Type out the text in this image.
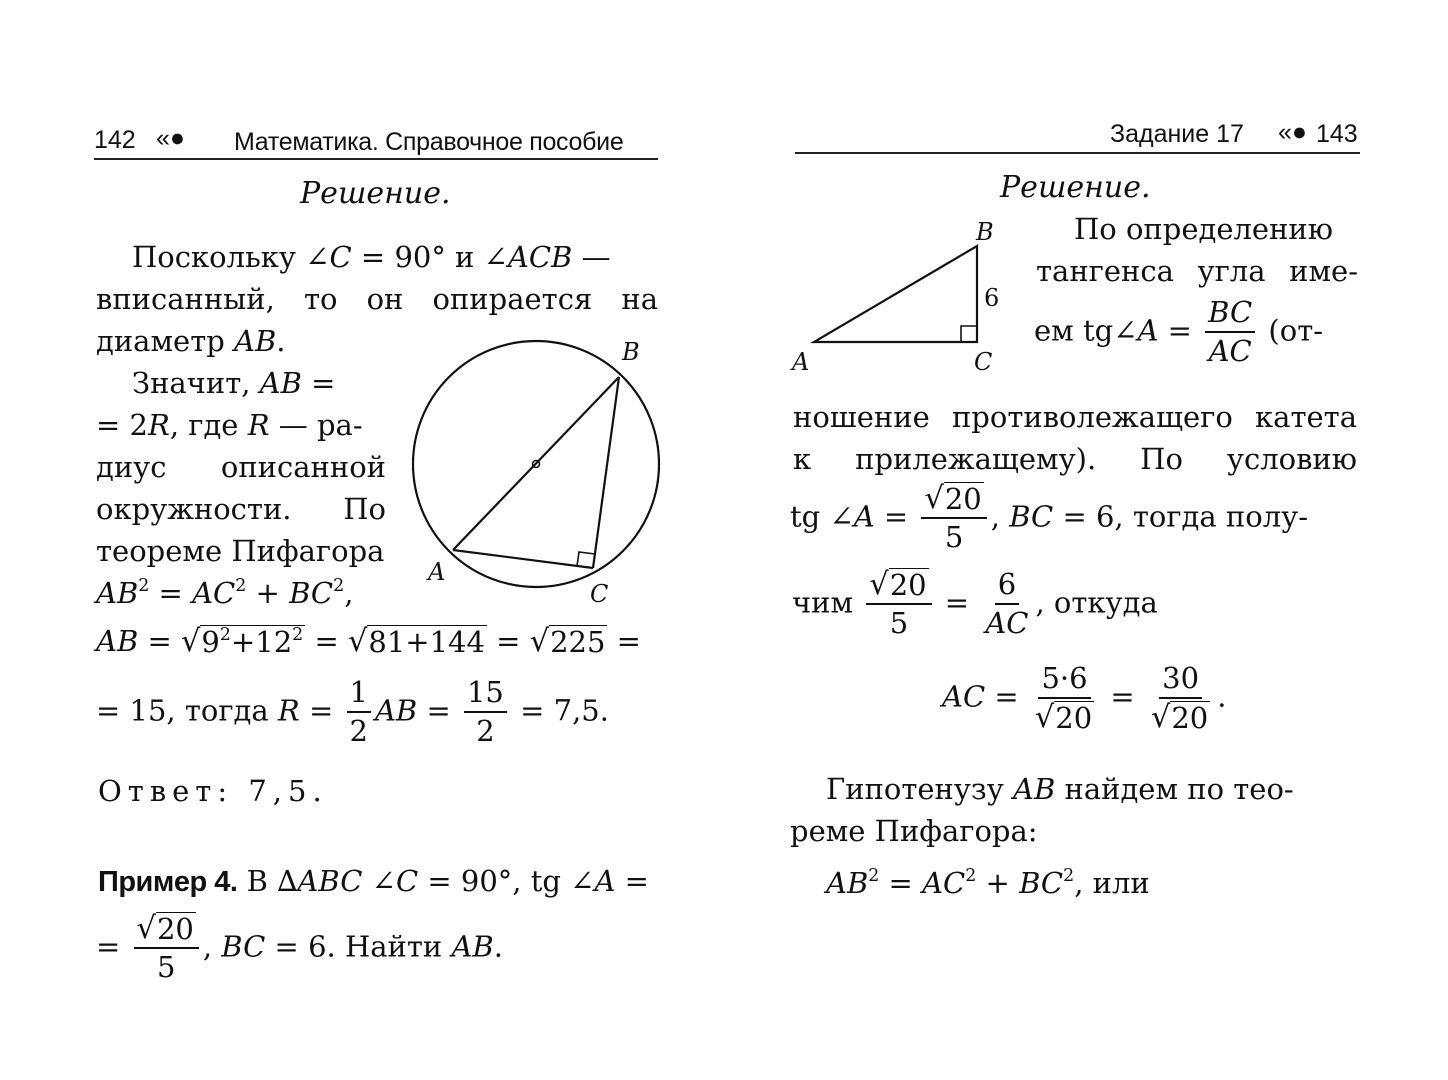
142 «● Математика. Справочное пособие
Решение.
Поскольку ∠C = 90° и ∠ACB —
вписанный, то он опирается на
диаметр AB.
Значит, AB =
= 2R, где R — ра-
диус описанной
окружности. По
теореме Пифагора
$AB^2 = AC^2 + BC^2$,
AB = √ $9^2+12^2$ = √ 81+144 = √ 225 =
= 15, тогда $R = \frac{1}{2}$ AB = $\frac{15}{2} = 7,5$.
Ответ: 7,5.
Пример 4. В ∆ABC ∠C = 90°, tg ∠A =
= $\frac{√ 20}{5}$ , BC = 6. Найти AB.
A
B
C
Задание 17 «● 143
Решение.
A
B
C
6
По определению
тангенса угла име-
ем tg∠A = $\frac{BC}{AC} (от-$
ношение противолежащего катета
к прилежащему). По условию
tg ∠A = $\frac{√ 20}{5}$ , BC = 6, тогда полу-
чим $\frac{√ 20}{5} = \frac{6}{AC}$ , откуда
AC = $\frac{5\cdot 6}{√ 20} = \frac{30}{√ 20}$ .
Гипотенузу AB найдем по тео-
реме Пифагора:
$AB^2 = AC^2 + BC^2$, или
